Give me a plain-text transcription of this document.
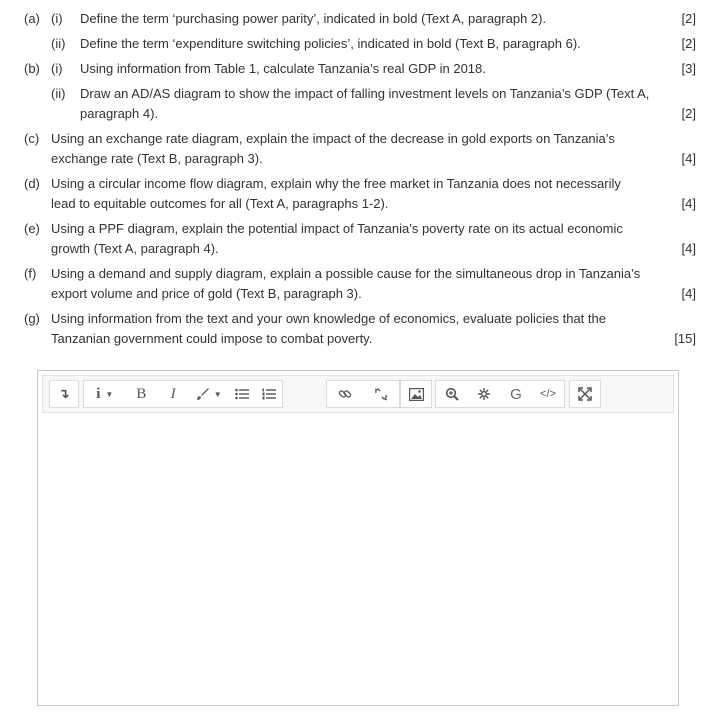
(a) (i) Define the term ‘purchasing power parity’, indicated in bold (Text A, paragraph 2).	[2]
(ii) Define the term ‘expenditure switching policies’, indicated in bold (Text B, paragraph 6).	[2]
(b) (i) Using information from Table 1, calculate Tanzania’s real GDP in 2018.	[3]
(ii) Draw an AD/AS diagram to show the impact of falling investment levels on Tanzania’s GDP (Text A,
paragraph 4).	[2]
(c) Using an exchange rate diagram, explain the impact of the decrease in gold exports on Tanzania’s
exchange rate (Text B, paragraph 3).	[4]
(d) Using a circular income flow diagram, explain why the free market in Tanzania does not necessarily
lead to equitable outcomes for all (Text A, paragraphs 1-2).	[4]
(e) Using a PPF diagram, explain the potential impact of Tanzania’s poverty rate on its actual economic
growth (Text A, paragraph 4).	[4]
(f) Using a demand and supply diagram, explain a possible cause for the simultaneous drop in Tanzania’s
export volume and price of gold (Text B, paragraph 3).	[4]
(g) Using information from the text and your own knowledge of economics, evaluate policies that the
Tanzanian government could impose to combat poverty.	[15]
↴ i ▼ B I	▼	G </>
